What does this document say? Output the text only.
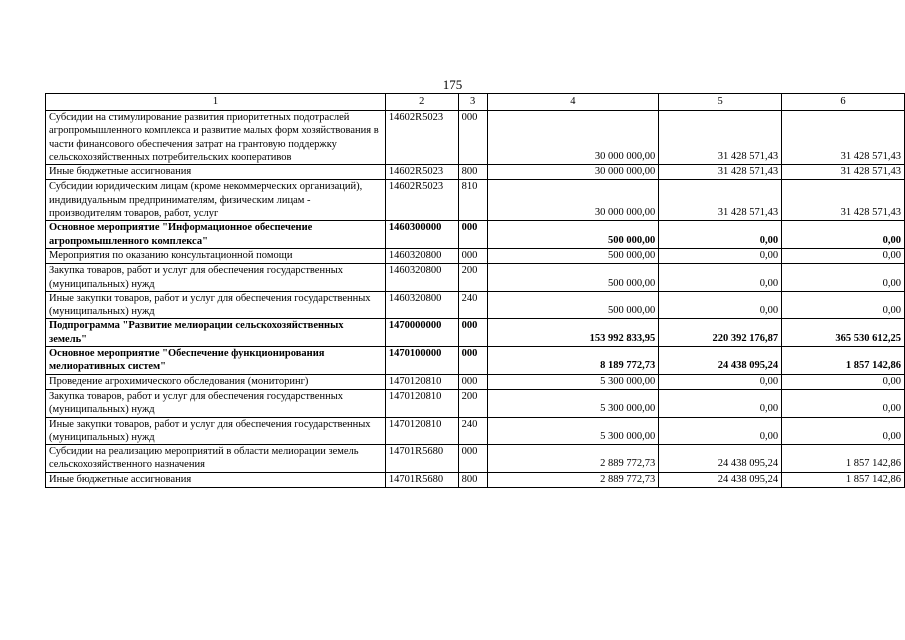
175
1	2	3	4	5	6
Субсидии на стимулирование развития приоритетных подотраслей агропромышленного комплекса и развитие малых форм хозяйствования в части финансового обеспечения затрат на грантовую поддержку сельскохозяйственных потребительских кооперативов	14602R5023	000	30 000 000,00	31 428 571,43	31 428 571,43
Иные бюджетные ассигнования	14602R5023	800	30 000 000,00	31 428 571,43	31 428 571,43
Субсидии юридическим лицам (кроме некоммерческих организаций), индивидуальным предпринимателям, физическим лицам - производителям товаров, работ, услуг	14602R5023	810	30 000 000,00	31 428 571,43	31 428 571,43
Основное мероприятие "Информационное обеспечение агропромышленного комплекса"	1460300000	000	500 000,00	0,00	0,00
Мероприятия по оказанию консультационной помощи	1460320800	000	500 000,00	0,00	0,00
Закупка товаров, работ и услуг для обеспечения государственных (муниципальных) нужд	1460320800	200	500 000,00	0,00	0,00
Иные закупки товаров, работ и услуг для обеспечения государственных (муниципальных) нужд	1460320800	240	500 000,00	0,00	0,00
Подпрограмма "Развитие мелиорации сельскохозяйственных земель"	1470000000	000	153 992 833,95	220 392 176,87	365 530 612,25
Основное мероприятие "Обеспечение функционирования мелиоративных систем"	1470100000	000	8 189 772,73	24 438 095,24	1 857 142,86
Проведение агрохимического обследования (мониторинг)	1470120810	000	5 300 000,00	0,00	0,00
Закупка товаров, работ и услуг для обеспечения государственных (муниципальных) нужд	1470120810	200	5 300 000,00	0,00	0,00
Иные закупки товаров, работ и услуг для обеспечения государственных (муниципальных) нужд	1470120810	240	5 300 000,00	0,00	0,00
Субсидии на реализацию мероприятий в области мелиорации земель сельскохозяйственного назначения	14701R5680	000	2 889 772,73	24 438 095,24	1 857 142,86
Иные бюджетные ассигнования	14701R5680	800	2 889 772,73	24 438 095,24	1 857 142,86
